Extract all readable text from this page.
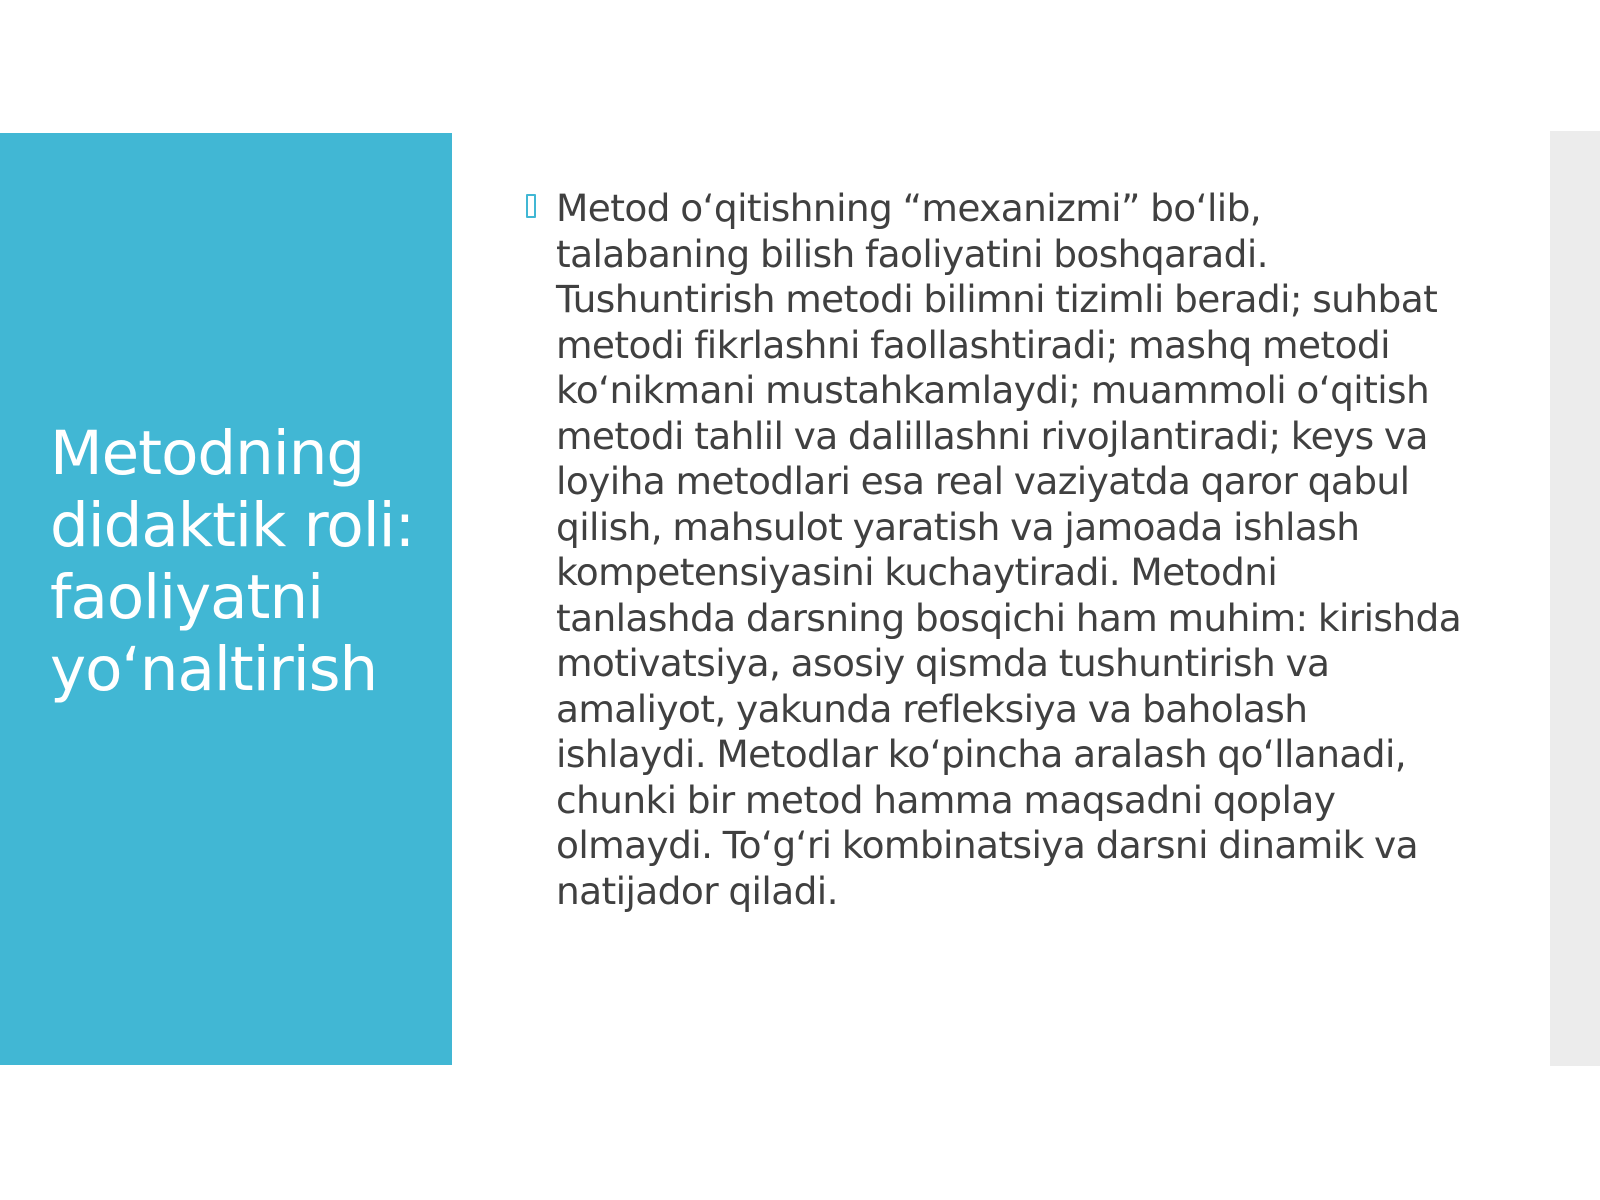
Metodning didaktik roli: faoliyatni yo‘naltirish

Metod o‘qitishning “mexanizmi” bo‘lib, talabaning bilish faoliyatini boshqaradi. Tushuntirish metodi bilimni tizimli beradi; suhbat metodi fikrlashni faollashtiradi; mashq metodi ko‘nikmani mustahkamlaydi; muammoli o‘qitish metodi tahlil va dalillashni rivojlantiradi; keys va loyiha metodlari esa real vaziyatda qaror qabul qilish, mahsulot yaratish va jamoada ishlash kompetensiyasini kuchaytiradi. Metodni tanlashda darsning bosqichi ham muhim: kirishda motivatsiya, asosiy qismda tushuntirish va amaliyot, yakunda refleksiya va baholash ishlaydi. Metodlar ko‘pincha aralash qo‘llanadi, chunki bir metod hamma maqsadni qoplay olmaydi. To‘g‘ri kombinatsiya darsni dinamik va natijador qiladi.
